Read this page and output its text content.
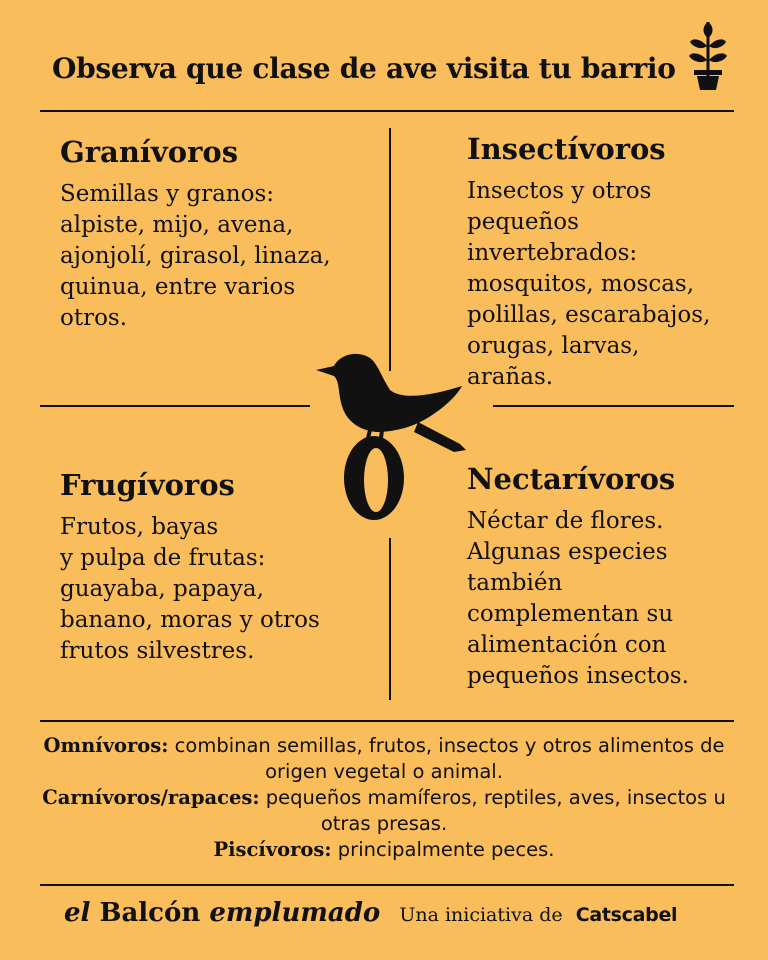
Observa que clase de ave visita tu barrio
Granívoros

Semillas y granos:
alpiste, mijo, avena,
ajonjolí, girasol, linaza,
quinua, entre varios
otros.

Insectívoros

Insectos y otros
pequeños
invertebrados:
mosquitos, moscas,
polillas, escarabajos,
orugas, larvas,
arañas.

Frugívoros

Frutos, bayas
y pulpa de frutas:
guayaba, papaya,
banano, moras y otros
frutos silvestres.

Nectarívoros

Néctar de flores.
Algunas especies
también
complementan su
alimentación con
pequeños insectos.

Omnívoros: combinan semillas, frutos, insectos y otros alimentos de origen vegetal o animal.
Carnívoros/rapaces: pequeños mamíferos, reptiles, aves, insectos u otras presas.
Piscívoros: principalmente peces.
el Balcón emplumado Una iniciativa de Catscabel
